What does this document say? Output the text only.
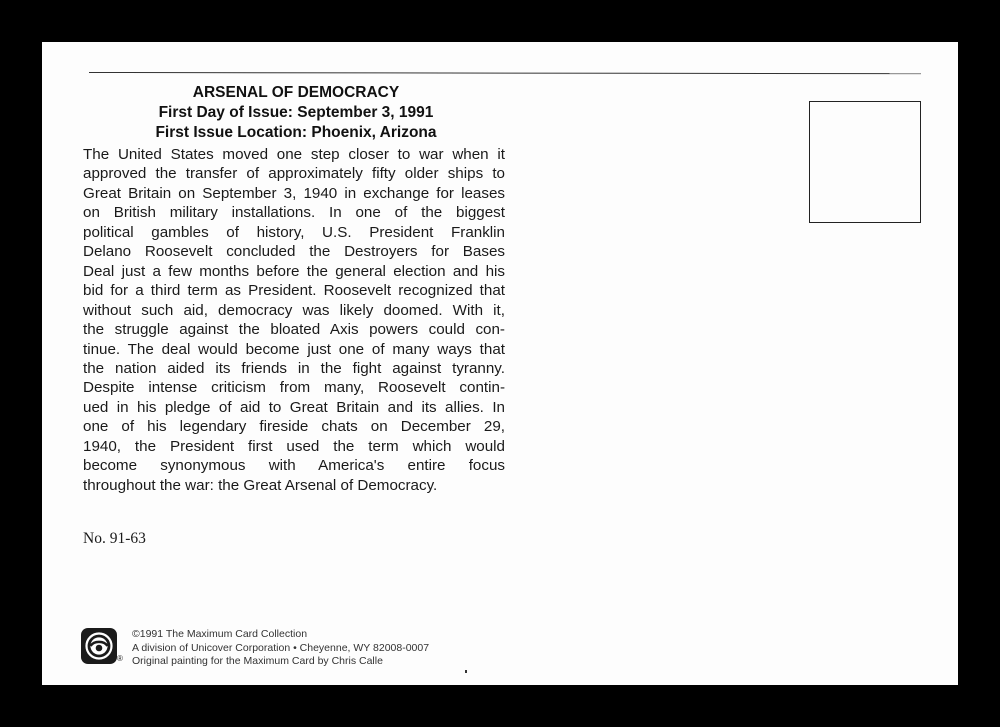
ARSENAL OF DEMOCRACY
First Day of Issue: September 3, 1991
First Issue Location: Phoenix, Arizona
The United States moved one step closer to war when it
approved the transfer of approximately fifty older ships to
Great Britain on September 3, 1940 in exchange for leases
on British military installations. In one of the biggest
political gambles of history, U.S. President Franklin
Delano Roosevelt concluded the Destroyers for Bases
Deal just a few months before the general election and his
bid for a third term as President. Roosevelt recognized that
without such aid, democracy was likely doomed. With it,
the struggle against the bloated Axis powers could con-
tinue. The deal would become just one of many ways that
the nation aided its friends in the fight against tyranny.
Despite intense criticism from many, Roosevelt contin-
ued in his pledge of aid to Great Britain and its allies. In
one of his legendary fireside chats on December 29,
1940, the President first used the term which would
become synonymous with America's entire focus
throughout the war: the Great Arsenal of Democracy.
No. 91-63
®
©1991 The Maximum Card Collection
A division of Unicover Corporation • Cheyenne, WY 82008-0007
Original painting for the Maximum Card by Chris Calle
